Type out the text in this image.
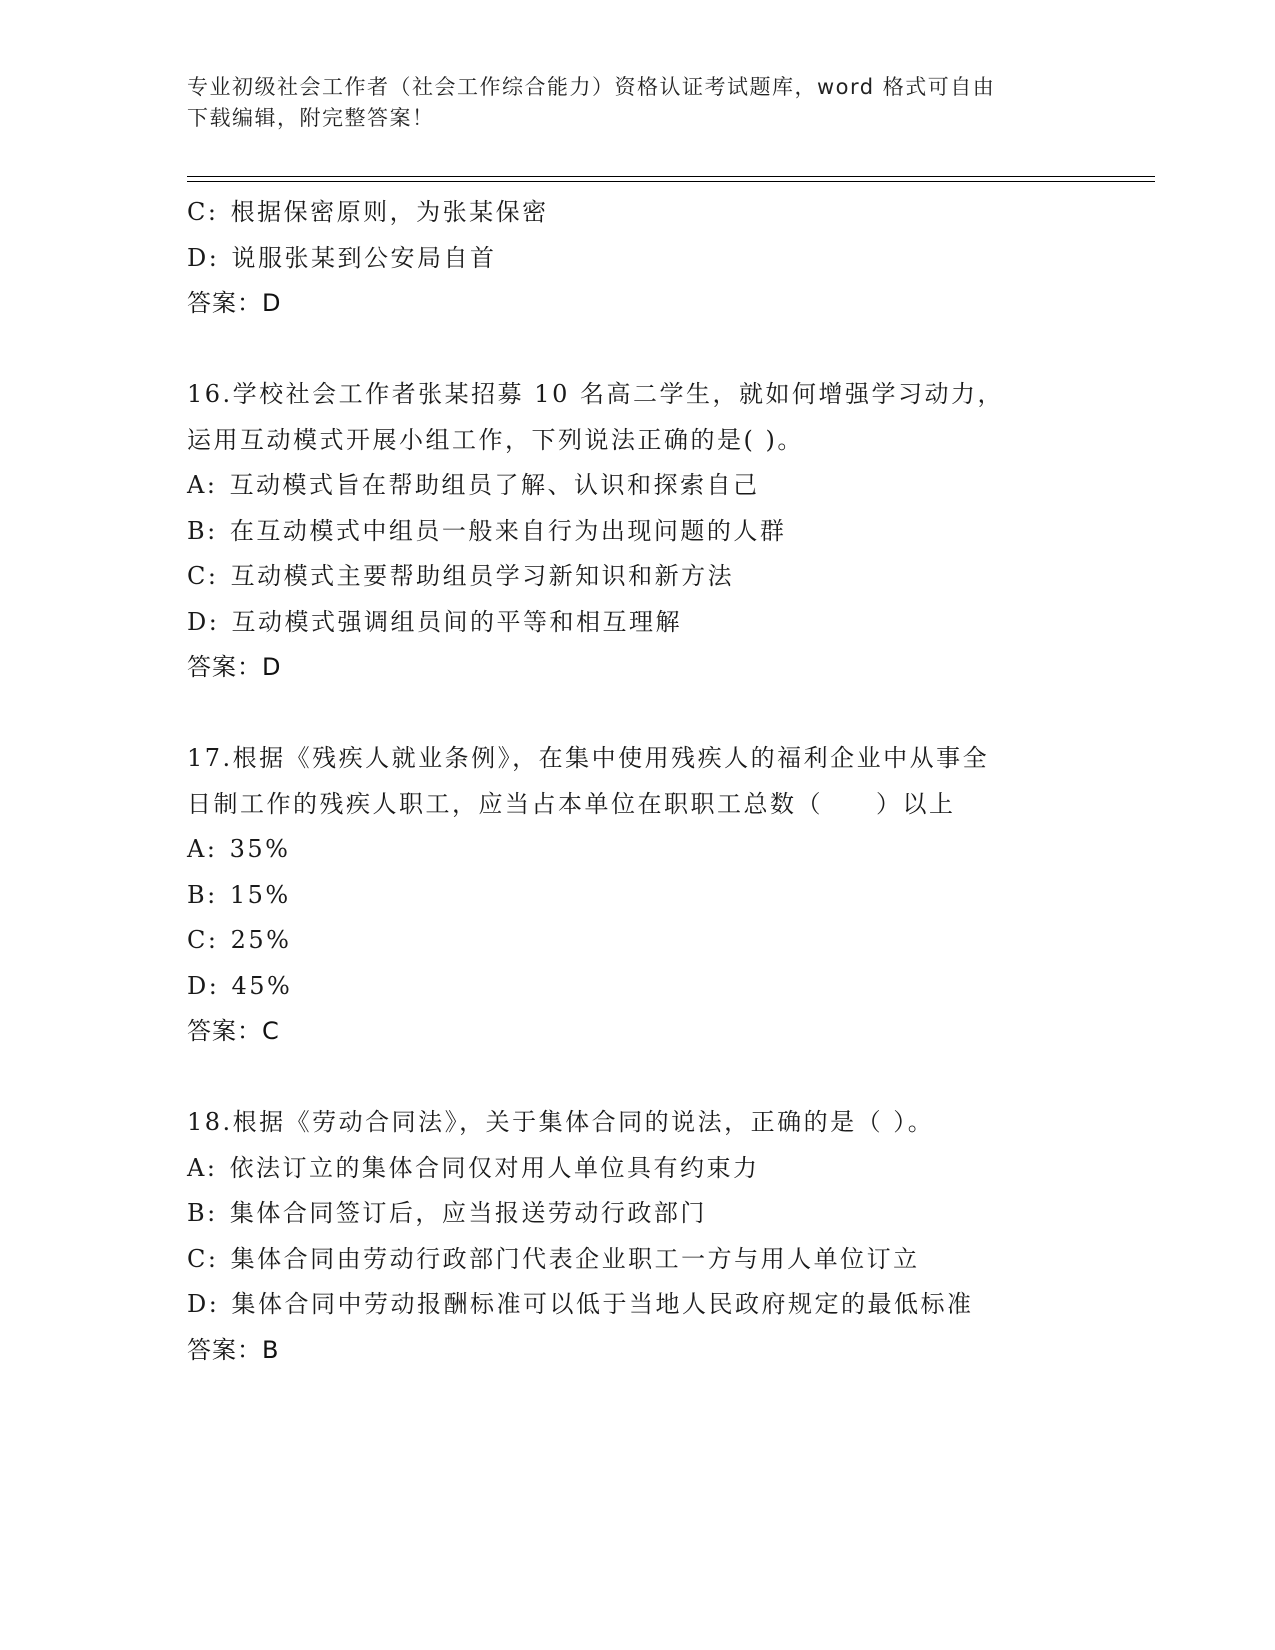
专业初级社会工作者（社会工作综合能力）资格认证考试题库，word 格式可自由
下载编辑，附完整答案！
C: 根据保密原则，为张某保密
D: 说服张某到公安局自首
答案：D
16.学校社会工作者张某招募 10 名高二学生，就如何增强学习动力，
运用互动模式开展小组工作，下列说法正确的是( )。
A: 互动模式旨在帮助组员了解、认识和探索自己
B: 在互动模式中组员一般来自行为出现问题的人群
C: 互动模式主要帮助组员学习新知识和新方法
D: 互动模式强调组员间的平等和相互理解
答案：D
17.根据《残疾人就业条例》，在集中使用残疾人的福利企业中从事全
日制工作的残疾人职工，应当占本单位在职职工总数（　　）以上
A: 35%
B: 15%
C: 25%
D: 45%
答案：C
18.根据《劳动合同法》，关于集体合同的说法，正确的是（ ）。
A: 依法订立的集体合同仅对用人单位具有约束力
B: 集体合同签订后，应当报送劳动行政部门
C: 集体合同由劳动行政部门代表企业职工一方与用人单位订立
D: 集体合同中劳动报酬标准可以低于当地人民政府规定的最低标准
答案：B
